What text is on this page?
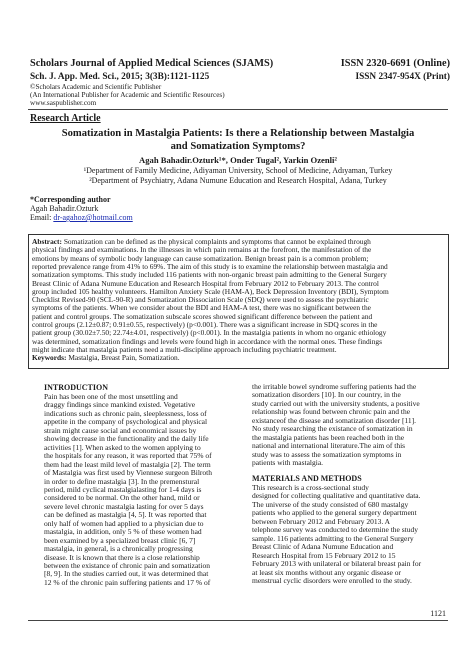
Scholars Journal of Applied Medical Sciences (SJAMS)	ISSN 2320-6691 (Online)
Sch. J. App. Med. Sci., 2015; 3(3B):1121-1125	ISSN 2347-954X (Print)
©Scholars Academic and Scientific Publisher
(An International Publisher for Academic and Scientific Resources)
www.saspublisher.com
Research Article
Somatization in Mastalgia Patients: Is there a Relationship between Mastalgia
and Somatization Symptoms?
Agah Bahadir.Ozturk¹*, Onder Tugal², Yarkin Ozenli²
¹Department of Family Medicine, Adiyaman University, School of Medicine, Adıyaman, Turkey
²Department of Psychiatry, Adana Numune Education and Research Hospital, Adana, Turkey
*Corresponding author
Agah Bahadir.Ozturk
Email: dr-agahoz@hotmail.com
Abstract: Somatization can be defined as the physical complaints and symptoms that cannot be explained through
physical findings and examinations. In the illnesses in which pain remains at the forefront, the manifestation of the
emotions by means of symbolic body language can cause somatization. Benign breast pain is a common problem;
reported prevalence range from 41% to 69%. The aim of this study is to examine the relationship between mastalgia and
somatization symptoms. This study included 116 patients with non-organic breast pain admitting to the General Surgery
Breast Clinic of Adana Numune Education and Research Hospital from February 2012 to February 2013. The control
group included 105 healthy volunteers. Hamilton Anxiety Scale (HAM-A), Beck Depression Inventory (BDI), Symptom
Checklist Revised-90 (SCL-90-R) and Somatization Dissociation Scale (SDQ) were used to assess the psychiatric
symptoms of the patients. When we consider about the BDI and HAM-A test, there was no significant between the
patient and control groups. The somatization subscale scores showed significant difference between the patient and
control groups (2.12±0.87; 0.91±0.55, respectively) (p<0.001). There was a significant increase in SDQ scores in the
patient group (30.02±7.50; 22.74±4.01, respectively) (p<0.001). In the mastalgia patients in whom no organic ethiology
was determined, somatization findings and levels were found high in accordance with the normal ones. These findings
might indicate that mastalgia patients need a multi-discipline approach including psychiatric treatment.
Keywords: Mastalgia, Breast Pain, Somatization.
INTRODUCTION
Pain has been one of the most unsettling and
draggy findings since mankind existed. Vegetative
indications such as chronic pain, sleeplessness, loss of
appetite in the company of psychological and physical
strain might cause social and economical issues by
showing decrease in the functionality and the daily life
activities [1]. When asked to the women applying to
the hospitals for any reason, it was reported that 75% of
them had the least mild level of mastalgia [2]. The term
of Mastalgia was first used by Viennese surgeon Bilroth
in order to define mastalgia [3]. In the premenstural
period, mild cyclical mastalgialasting for 1-4 days is
considered to be normal. On the other hand, mild or
severe level chronic mastalgia lasting for over 5 days
can be defined as mastalgia [4, 5]. It was reported that
only half of women had applied to a physician due to
mastalgia, in addition, only 5 % of these women had
been examined by a specialized breast clinic [6, 7]
mastalgia, in general, is a chronically progressing
disease. It is known that there is a close relationship
between the existance of chronic pain and somatization
[8, 9]. In the studies carried out, it was determined that
12 % of the chronic pain suffering patients and 17 % of
the irritable bowel syndrome suffering patients had the
somatization disorders [10]. In our country, in the
study carried out with the university students, a positive
relationship was found between chronic pain and the
existanceof the disease and somatization disorder [11].
No study researching the existance of somatization in
the mastalgia patients has been reached both in the
national and international literature.The aim of this
study was to assess the somatization symptoms in
patients with mastalgia.
MATERIALS AND METHODS
This research is a cross-sectional study
designed for collecting qualitative and quantitative data.
The universe of the study consisted of 680 mastalgy
patients who applied to the general surgery department
between February 2012 and February 2013. A
telephone survey was conducted to determine the study
sample. 116 patients admitting to the General Surgery
Breast Clinic of Adana Numune Education and
Research Hospital from 15 February 2012 to 15
February 2013 with unilateral or bilateral breast pain for
at least six months without any organic disease or
menstrual cyclic disorders were enrolled to the study.
1121
